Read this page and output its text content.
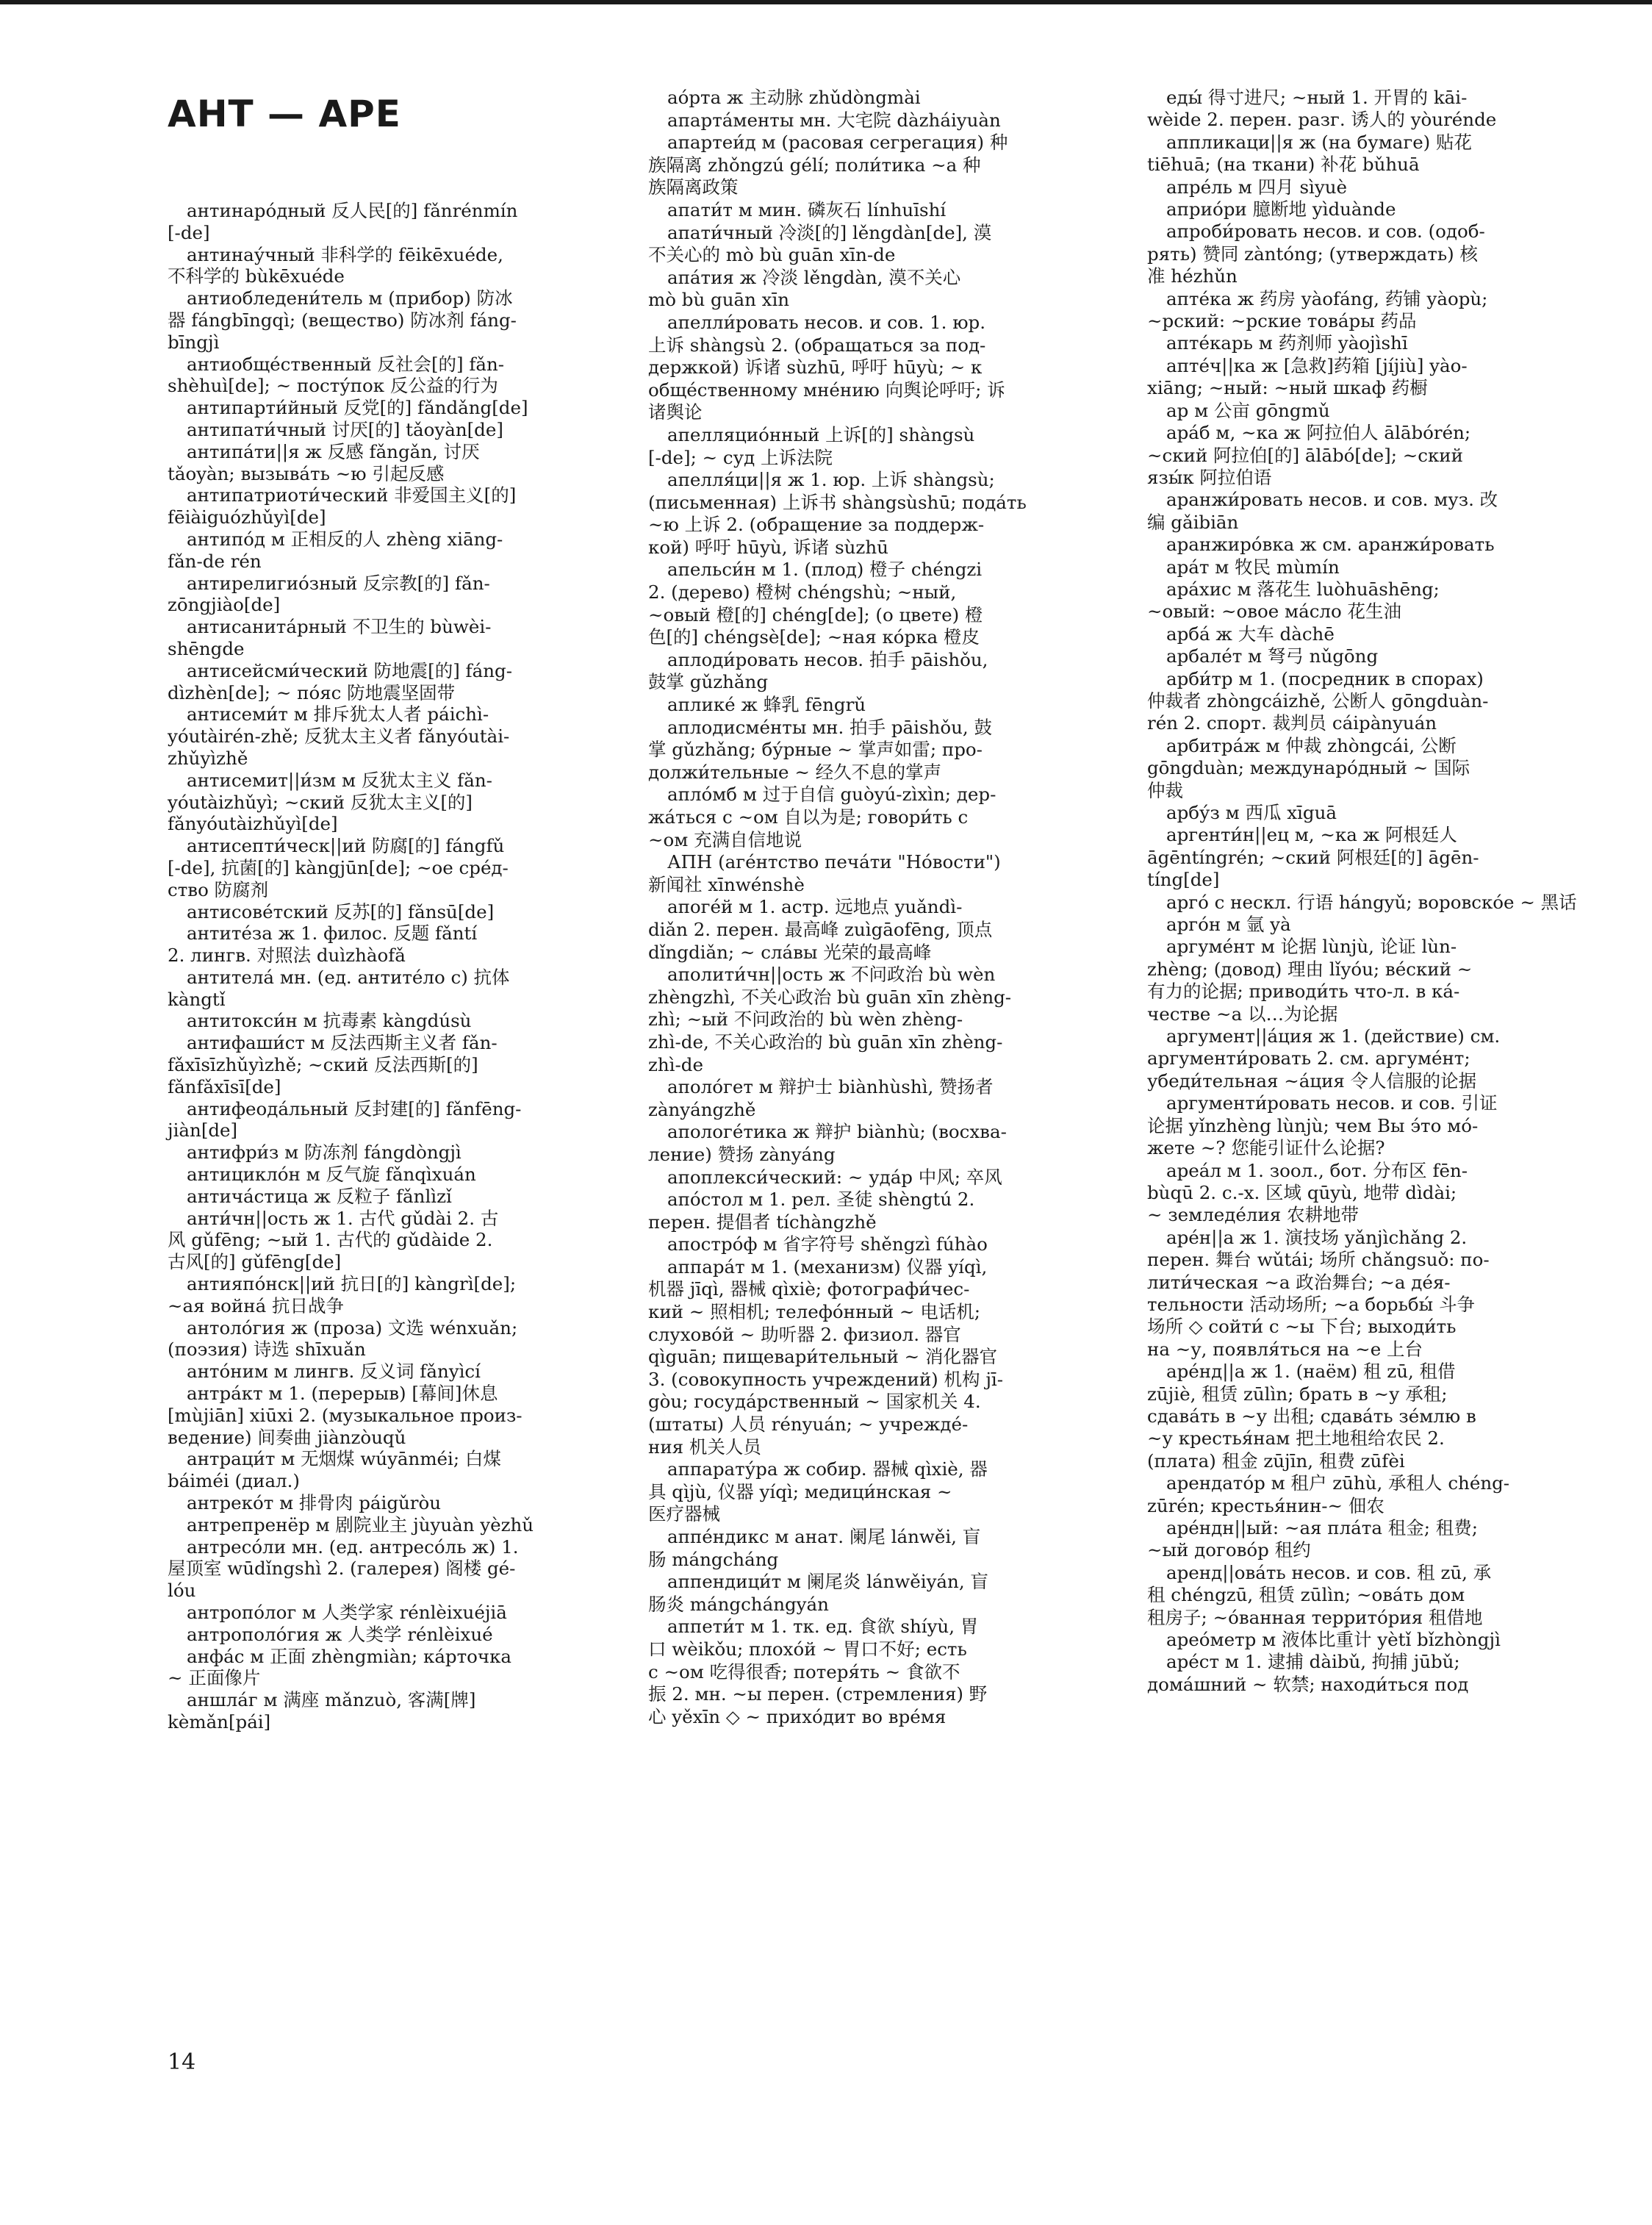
АНТ — АРЕ

антинаро́дный 反人民[的] fǎnrénmín
[-de]

антинау́чный 非科学的 fēikēxuéde,
不科学的 bùkēxuéde

антиобледени́тель м (прибор) 防冰
器 fángbīngqì; (вещество) 防冰剂 fáng-
bīngjì

антиобще́ственный 反社会[的] fǎn-
shèhuì[de]; ~ посту́пок 反公益的行为

антипарти́йный 反党[的] fǎndǎng[de]

антипати́чный 讨厌[的] tǎoyàn[de]

антипа́ти||я ж 反感 fǎngǎn, 讨厌
tǎoyàn; вызыва́ть ~ю 引起反感

антипатриоти́ческий 非爱国主义[的]
fēiàiguózhǔyì[de]

антипо́д м 正相反的人 zhèng xiāng-
fǎn-de rén

антирелигио́зный 反宗教[的] fǎn-
zōngjiào[de]

антисанита́рный 不卫生的 bùwèi-
shēngde

антисейсми́ческий 防地震[的] fáng-
dìzhèn[de]; ~ по́яс 防地震坚固带

антисеми́т м 排斥犹太人者 páichì-
yóutàirén-zhě; 反犹太主义者 fǎnyóutài-
zhǔyìzhě

антисемит||и́зм м 反犹太主义 fǎn-
yóutàizhǔyì; ~ский 反犹太主义[的]
fǎnyóutàizhǔyì[de]

антисепти́ческ||ий 防腐[的] fángfǔ
[-de], 抗菌[的] kàngjūn[de]; ~ое сре́д-
ство 防腐剂

антисове́тский 反苏[的] fǎnsū[de]

антите́за ж 1. филос. 反题 fǎntí
2. лингв. 对照法 duìzhàofǎ

антитела́ мн. (ед. антите́ло с) 抗体
kàngtǐ

антитокси́н м 抗毒素 kàngdúsù

антифаши́ст м 反法西斯主义者 fǎn-
fǎxīsīzhǔyìzhě; ~ский 反法西斯[的]
fǎnfǎxīsī[de]

антифеода́льный 反封建[的] fǎnfēng-
jiàn[de]

антифри́з м 防冻剂 fángdòngjì

антицикло́н м 反气旋 fǎnqìxuán

антича́стица ж 反粒子 fǎnlìzǐ

анти́чн||ость ж 1. 古代 gǔdài 2. 古
风 gǔfēng; ~ый 1. 古代的 gǔdàide 2.
古风[的] gǔfēng[de]

антияпо́нск||ий 抗日[的] kàngrì[de];
~ая война́ 抗日战争

антоло́гия ж (проза) 文选 wénxuǎn;
(поэзия) 诗选 shīxuǎn

анто́ним м лингв. 反义词 fǎnyìcí

антра́кт м 1. (перерыв) [幕间]休息
[mùjiān] xiūxi 2. (музыкальное произ-
ведение) 间奏曲 jiànzòuqǔ

антраци́т м 无烟煤 wúyānméi; 白煤
báiméi (диал.)

антреко́т м 排骨肉 páigǔròu

антрепренёр м 剧院业主 jùyuàn yèzhǔ

антресо́ли мн. (ед. антресо́ль ж) 1.
屋顶室 wūdǐngshì 2. (галерея) 阁楼 gé-
lóu

антропо́лог м 人类学家 rénlèixuéjiā

антрополо́гия ж 人类学 rénlèixué

анфа́с м 正面 zhèngmiàn; ка́рточка
~ 正面像片

аншла́г м 满座 mǎnzuò, 客满[牌]
kèmǎn[pái]

ао́рта ж 主动脉 zhǔdòngmài

апарта́менты мн. 大宅院 dàzháiyuàn

апартеи́д м (расовая сегрегация) 种
族隔离 zhǒngzú gélí; поли́тика ~а 种
族隔离政策

апати́т м мин. 磷灰石 línhuīshí

апати́чный 冷淡[的] lěngdàn[de], 漠
不关心的 mò bù guān xīn-de

апа́тия ж 冷淡 lěngdàn, 漠不关心
mò bù guān xīn

апелли́ровать несов. и сов. 1. юр.
上诉 shàngsù 2. (обращаться за под-
держкой) 诉诸 sùzhū, 呼吁 hūyù; ~ к
обще́ственному мне́нию 向舆论呼吁; 诉
诸舆论

апелляцио́нный 上诉[的] shàngsù
[-de]; ~ суд 上诉法院

апелля́ци||я ж 1. юр. 上诉 shàngsù;
(письменная) 上诉书 shàngsùshū; пода́ть
~ю 上诉 2. (обращение за поддерж-
кой) 呼吁 hūyù, 诉诸 sùzhū

апельси́н м 1. (плод) 橙子 chéngzi
2. (дерево) 橙树 chéngshù; ~ный,
~овый 橙[的] chéng[de]; (о цвете) 橙
色[的] chéngsè[de]; ~ная ко́рка 橙皮

аплоди́ровать несов. 拍手 pāishǒu,
鼓掌 gǔzhǎng

аплике́ ж 蜂乳 fēngrǔ

аплодисме́нты мн. 拍手 pāishǒu, 鼓
掌 gǔzhǎng; бу́рные ~ 掌声如雷; про-
должи́тельные ~ 经久不息的掌声

апло́мб м 过于自信 guòyú-zìxìn; дер-
жа́ться с ~ом 自以为是; говори́ть с
~ом 充满自信地说

АПН (аге́нтство печа́ти "Но́вости")
新闻社 xīnwénshè

апоге́й м 1. астр. 远地点 yuǎndì-
diǎn 2. перен. 最高峰 zuìgāofēng, 顶点
dǐngdiǎn; ~ сла́вы 光荣的最高峰

аполити́чн||ость ж 不问政治 bù wèn
zhèngzhì, 不关心政治 bù guān xīn zhèng-
zhì; ~ый 不问政治的 bù wèn zhèng-
zhì-de, 不关心政治的 bù guān xīn zhèng-
zhì-de

аполо́гет м 辩护士 biànhùshì, 赞扬者
zànyángzhě

апологе́тика ж 辩护 biànhù; (восхва-
ление) 赞扬 zànyáng

апоплекси́ческий: ~ уда́р 中风; 卒风

апо́стол м 1. рел. 圣徒 shèngtú 2.
перен. 提倡者 tíchàngzhě

апостро́ф м 省字符号 shěngzì fúhào

аппара́т м 1. (механизм) 仪器 yíqì,
机器 jīqì, 器械 qìxiè; фотографи́чес-
кий ~ 照相机; телефо́нный ~ 电话机;
слухово́й ~ 助听器 2. физиол. 器官
qìguān; пищевари́тельный ~ 消化器官
3. (совокупность учреждений) 机构 jī-
gòu; госуда́рственный ~ 国家机关 4.
(штаты) 人员 rényuán; ~ учрежде́-
ния 机关人员

аппарату́ра ж собир. 器械 qìxiè, 器
具 qìjù, 仪器 yíqì; медици́нская ~
医疗器械

аппе́ндикс м анат. 阑尾 lánwěi, 盲
肠 mángcháng

аппендици́т м 阑尾炎 lánwěiyán, 盲
肠炎 mángchángyán

аппети́т м 1. тк. ед. 食欲 shíyù, 胃
口 wèikǒu; плохо́й ~ 胃口不好; есть
с ~ом 吃得很香; потеря́ть ~ 食欲不
振 2. мн. ~ы перен. (стремления) 野
心 yěxīn ◇ ~ прихо́дит во вре́мя

еды́ 得寸进尺; ~ный 1. 开胃的 kāi-
wèide 2. перен. разг. 诱人的 yòurénde

аппликаци||я ж (на бумаге) 贴花
tiēhuā; (на ткани) 补花 bǔhuā

апре́ль м 四月 sìyuè

априо́ри 臆断地 yìduànde

апроби́ровать несов. и сов. (одоб-
рять) 赞同 zàntóng; (утверждать) 核
准 hézhǔn

апте́ка ж 药房 yàofáng, 药铺 yàopù;
~рский: ~рские това́ры 药品

апте́карь м 药剂师 yàojìshī

апте́ч||ка ж [急救]药箱 [jíjiù] yào-
xiāng; ~ный: ~ный шкаф 药橱

ар м 公亩 gōngmǔ

ара́б м, ~ка ж 阿拉伯人 ālābórén;
~ский 阿拉伯[的] ālābó[de]; ~ский
язы́к 阿拉伯语

аранжи́ровать несов. и сов. муз. 改
编 gǎibiān

аранжиро́вка ж см. аранжи́ровать

ара́т м 牧民 mùmín

ара́хис м 落花生 luòhuāshēng;
~овый: ~овое ма́сло 花生油

арба́ ж 大车 dàchē

арбале́т м 弩弓 nǔgōng

арби́тр м 1. (посредник в спорах)
仲裁者 zhòngcáizhě, 公断人 gōngduàn-
rén 2. спорт. 裁判员 cáipànyuán

арбитра́ж м 仲裁 zhòngcái, 公断
gōngduàn; междунаро́дный ~ 国际
仲裁

арбу́з м 西瓜 xīguā

аргенти́н||ец м, ~ка ж 阿根廷人
āgēntíngrén; ~ский 阿根廷[的] āgēn-
tíng[de]

арго́ с нескл. 行语 hángyǔ; воровско́е ~ 黑话

арго́н м 氩 yà

аргуме́нт м 论据 lùnjù, 论证 lùn-
zhèng; (довод) 理由 lǐyóu; ве́ский ~
有力的论据; приводи́ть что-л. в ка́-
честве ~а 以…为论据

аргумент||а́ция ж 1. (действие) см.
аргументи́ровать 2. см. аргуме́нт;
убеди́тельная ~а́ция 令人信服的论据

аргументи́ровать несов. и сов. 引证
论据 yǐnzhèng lùnjù; чем Вы э́то мо́-
жете ~? 您能引证什么论据?

ареа́л м 1. зоол., бот. 分布区 fēn-
bùqū 2. с.-х. 区域 qūyù, 地带 dìdài;
~ земледе́лия 农耕地带

аре́н||а ж 1. 演技场 yǎnjìchǎng 2.
перен. 舞台 wǔtái; 场所 chǎngsuǒ: по-
лити́ческая ~а 政治舞台; ~а де́я-
тельности 活动场所; ~а борьбы́ 斗争
场所 ◇ сойти́ с ~ы 下台; выходи́ть
на ~у, появля́ться на ~е 上台

аре́нд||а ж 1. (наём) 租 zū, 租借
zūjiè, 租赁 zūlìn; брать в ~у 承租;
сдава́ть в ~у 出租; сдава́ть зе́млю в
~у крестья́нам 把土地租给农民 2.
(плата) 租金 zūjīn, 租费 zūfèi

арендато́р м 租户 zūhù, 承租人 chéng-
zūrén; крестья́нин-~ 佃农

аре́ндн||ый: ~ая пла́та 租金; 租费;
~ый догово́р 租约

аренд||ова́ть несов. и сов. 租 zū, 承
租 chéngzū, 租赁 zūlìn; ~ова́ть дом
租房子; ~о́ванная террито́рия 租借地

арео́метр м 液体比重计 yètǐ bǐzhòngjì

аре́ст м 1. 逮捕 dàibǔ, 拘捕 jūbǔ;
дома́шний ~ 软禁; находи́ться под

14
